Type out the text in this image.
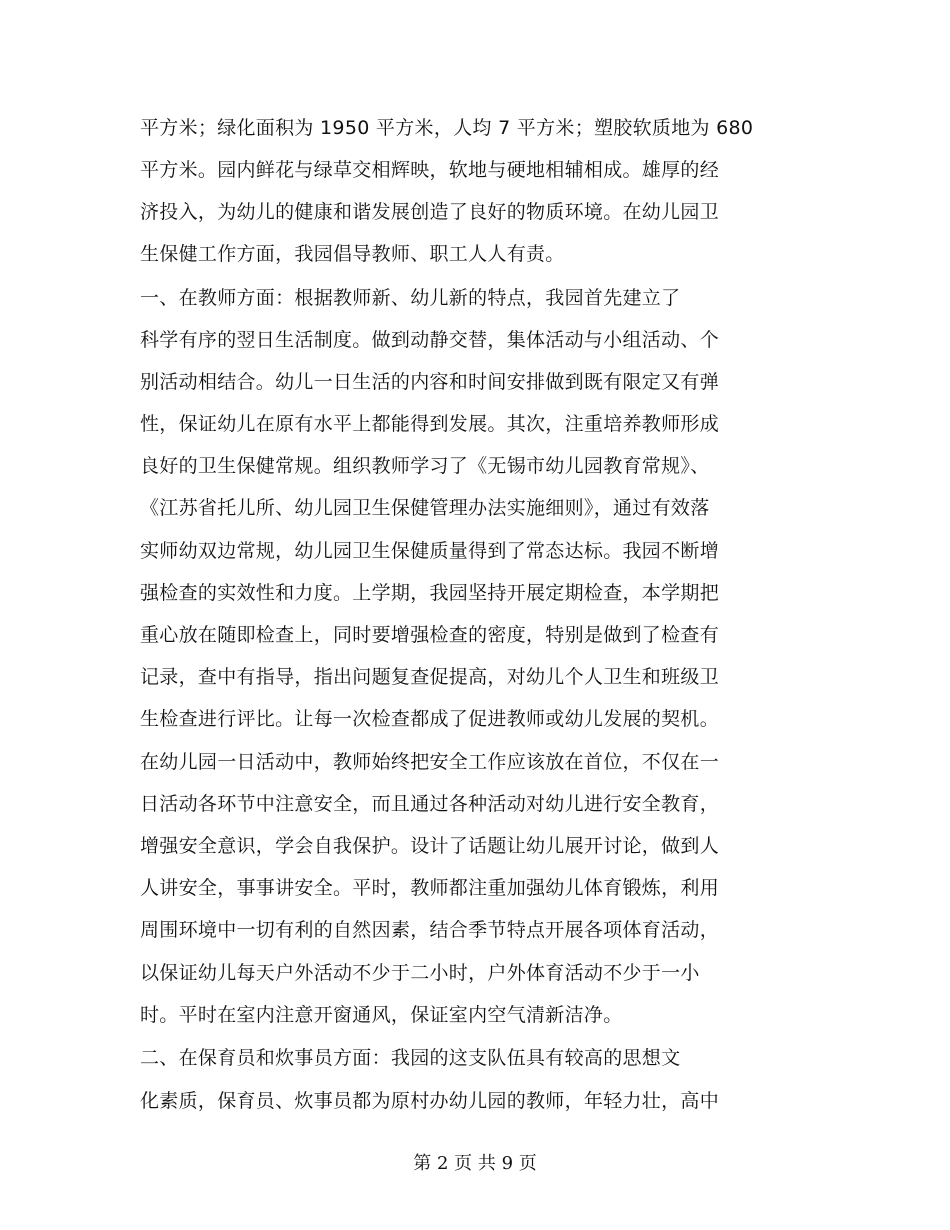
平方米；绿化面积为 1950 平方米，人均 7 平方米；塑胶软质地为 680
平方米。园内鲜花与绿草交相辉映，软地与硬地相辅相成。雄厚的经
济投入，为幼儿的健康和谐发展创造了良好的物质环境。在幼儿园卫
生保健工作方面，我园倡导教师、职工人人有责。
一、在教师方面：根据教师新、幼儿新的特点，我园首先建立了
科学有序的翌日生活制度。做到动静交替，集体活动与小组活动、个
别活动相结合。幼儿一日生活的内容和时间安排做到既有限定又有弹
性，保证幼儿在原有水平上都能得到发展。其次，注重培养教师形成
良好的卫生保健常规。组织教师学习了《无锡市幼儿园教育常规》、
《江苏省托儿所、幼儿园卫生保健管理办法实施细则》，通过有效落
实师幼双边常规，幼儿园卫生保健质量得到了常态达标。我园不断增
强检查的实效性和力度。上学期，我园坚持开展定期检查，本学期把
重心放在随即检查上，同时要增强检查的密度，特别是做到了检查有
记录，查中有指导，指出问题复查促提高，对幼儿个人卫生和班级卫
生检查进行评比。让每一次检查都成了促进教师或幼儿发展的契机。
在幼儿园一日活动中，教师始终把安全工作应该放在首位，不仅在一
日活动各环节中注意安全，而且通过各种活动对幼儿进行安全教育，
增强安全意识，学会自我保护。设计了话题让幼儿展开讨论，做到人
人讲安全，事事讲安全。平时，教师都注重加强幼儿体育锻炼，利用
周围环境中一切有利的自然因素，结合季节特点开展各项体育活动，
以保证幼儿每天户外活动不少于二小时，户外体育活动不少于一小
时。平时在室内注意开窗通风，保证室内空气清新洁净。
二、在保育员和炊事员方面：我园的这支队伍具有较高的思想文
化素质，保育员、炊事员都为原村办幼儿园的教师，年轻力壮，高中
第 2 页 共 9 页
